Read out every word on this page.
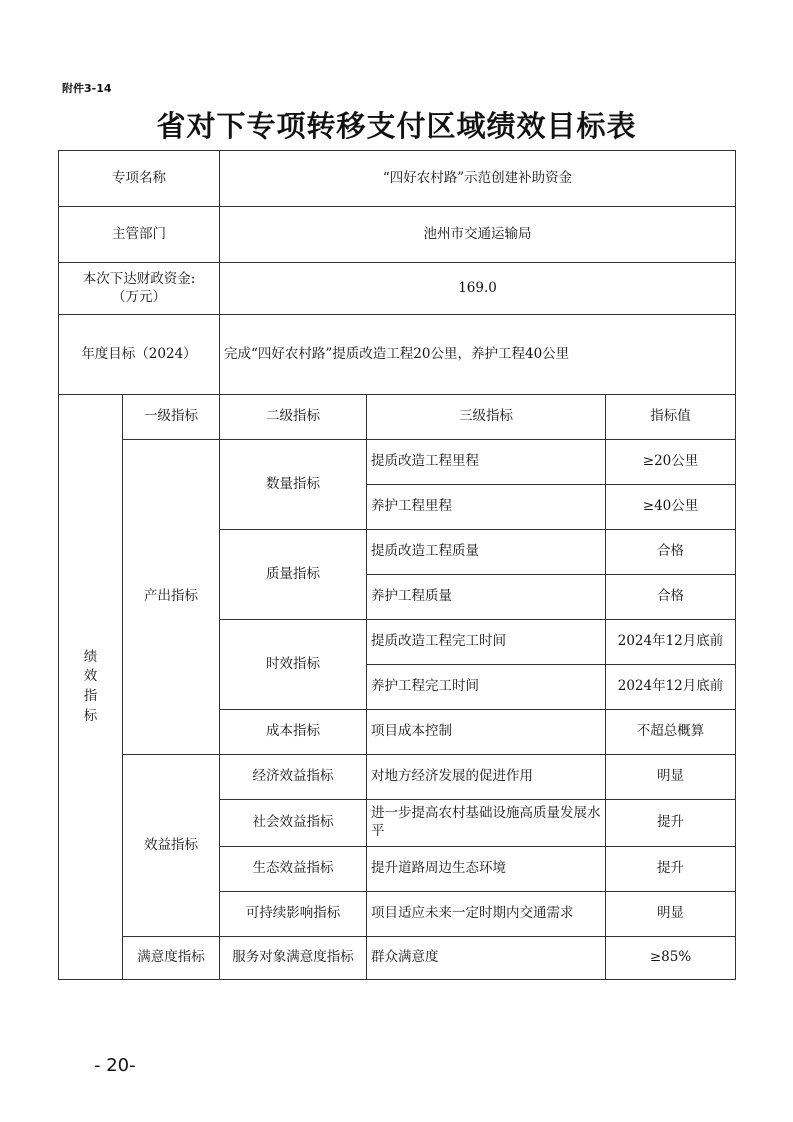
附件3-14
省对下专项转移支付区域绩效目标表
专项名称		“四好农村路”示范创建补助资金		
主管部门		池州市交通运输局		
本次下达财政资金:
（万元）		169.0		
年度目标（2024）		完成“四好农村路”提质改造工程20公里，养护工程40公里		
绩效指标	一级指标	二级指标	三级指标	指标值
	产出指标	数量指标	提质改造工程里程	≥20公里
			养护工程里程	≥40公里
		质量指标	提质改造工程质量	合格
			养护工程质量	合格
		时效指标	提质改造工程完工时间	2024年12月底前
			养护工程完工时间	2024年12月底前
		成本指标	项目成本控制	不超总概算
	效益指标	经济效益指标	对地方经济发展的促进作用	明显
		社会效益指标	进一步提高农村基础设施高质量发展水平	提升
		生态效益指标	提升道路周边生态环境	提升
		可持续影响指标	项目适应未来一定时期内交通需求	明显
	满意度指标	服务对象满意度指标	群众满意度	≥85%
- 20-
